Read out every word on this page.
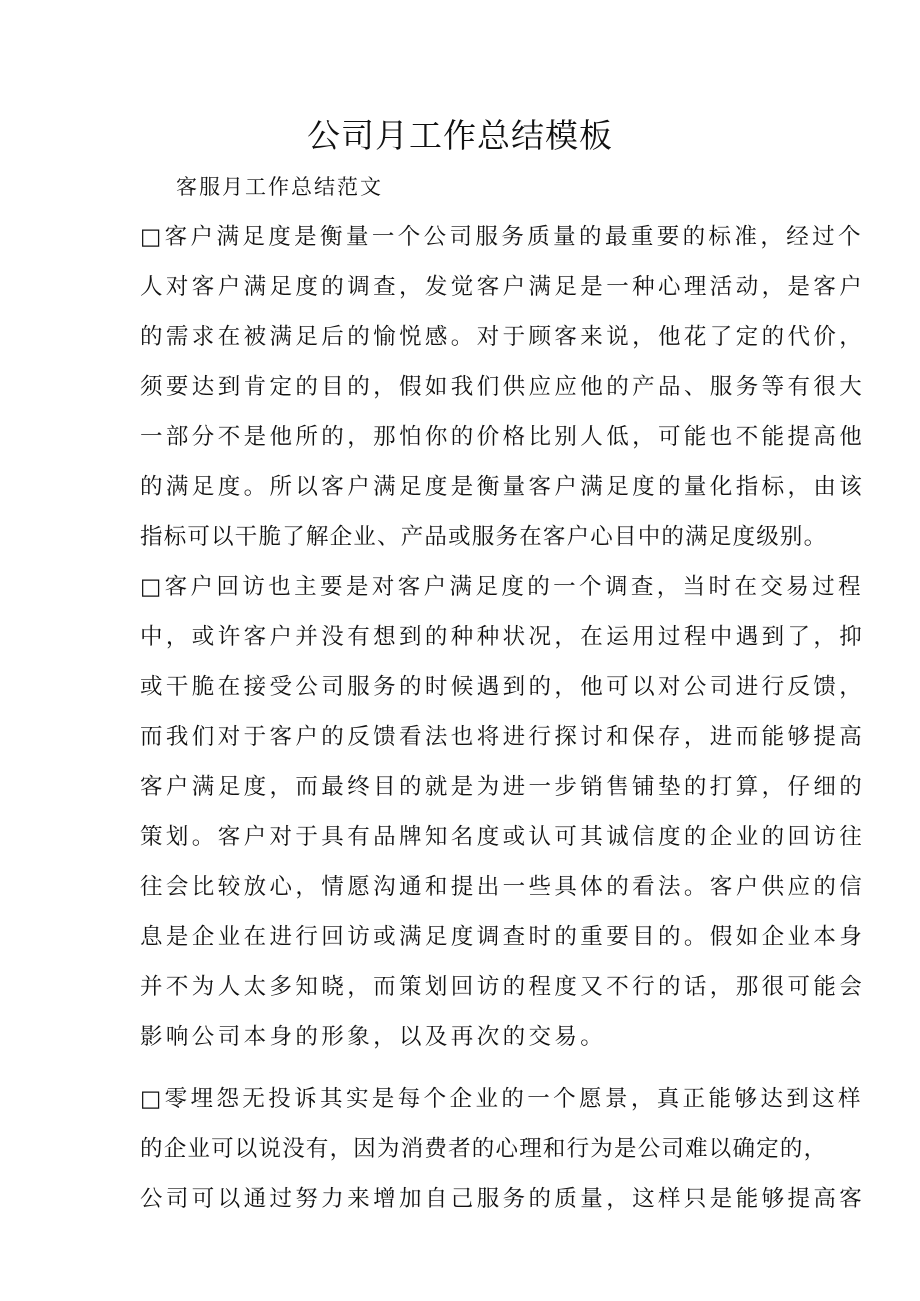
公司月工作总结模板

客服月工作总结范文

□客户满足度是衡量一个公司服务质量的最重要的标准，经过个
人对客户满足度的调查，发觉客户满足是一种心理活动，是客户
的需求在被满足后的愉悦感。对于顾客来说，他花了定的代价，
须要达到肯定的目的，假如我们供应应他的产品、服务等有很大
一部分不是他所的，那怕你的价格比别人低，可能也不能提高他
的满足度。所以客户满足度是衡量客户满足度的量化指标，由该
指标可以干脆了解企业、产品或服务在客户心目中的满足度级别。
□客户回访也主要是对客户满足度的一个调查，当时在交易过程
中，或许客户并没有想到的种种状况，在运用过程中遇到了，抑
或干脆在接受公司服务的时候遇到的，他可以对公司进行反馈，
而我们对于客户的反馈看法也将进行探讨和保存，进而能够提高
客户满足度，而最终目的就是为进一步销售铺垫的打算，仔细的
策划。客户对于具有品牌知名度或认可其诚信度的企业的回访往
往会比较放心，情愿沟通和提出一些具体的看法。客户供应的信
息是企业在进行回访或满足度调查时的重要目的。假如企业本身
并不为人太多知晓，而策划回访的程度又不行的话，那很可能会
影响公司本身的形象，以及再次的交易。
□零埋怨无投诉其实是每个企业的一个愿景，真正能够达到这样
的企业可以说没有，因为消费者的心理和行为是公司难以确定的，
公司可以通过努力来增加自己服务的质量，这样只是能够提高客
